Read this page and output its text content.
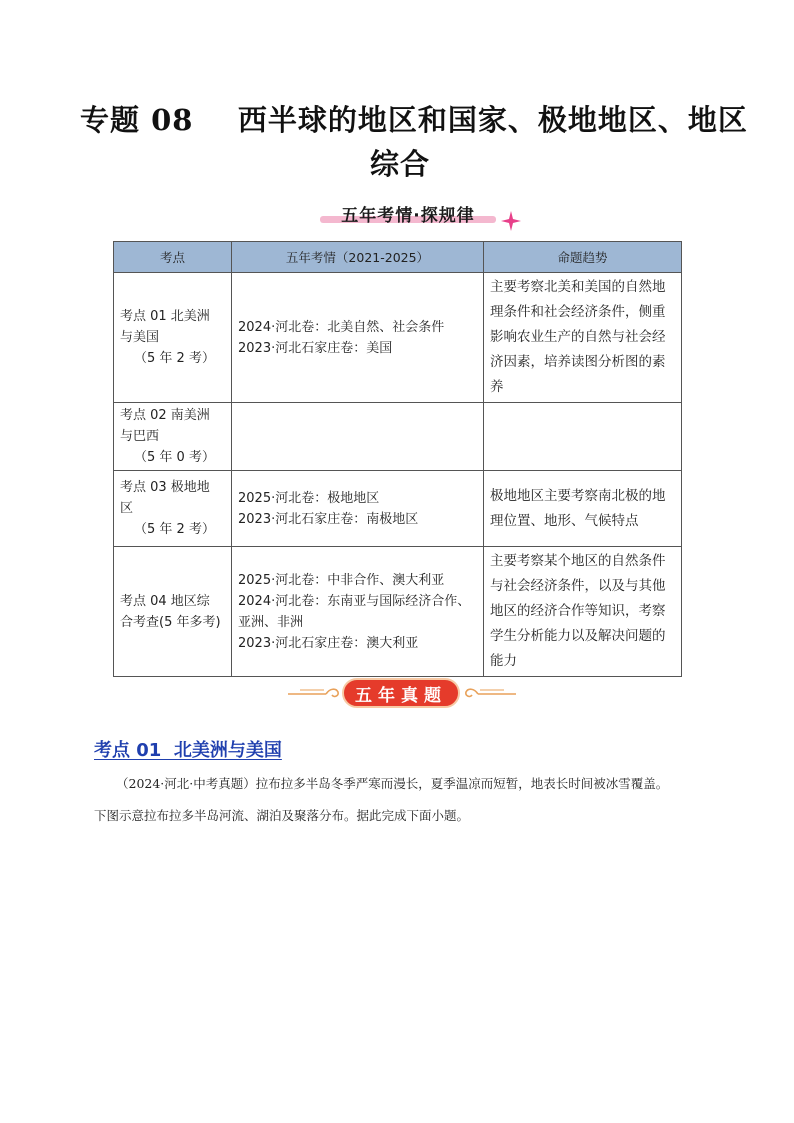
专题 08    西半球的地区和国家、极地地区、地区
综合
五年考情·探规律
考点	五年考情（2021-2025）	命题趋势

考点 01 北美洲
与美国
（5 年 2 考）	2024·河北卷：北美自然、社会条件
2023·河北石家庄卷：美国	主要考察北美和美国的自然地理条件和社会经济条件，侧重影响农业生产的自然与社会经济因素，培养读图分析图的素养

考点 02 南美洲
与巴西
（5 年 0 考）		

考点 03 极地地
区
（5 年 2 考）	2025·河北卷：极地地区
2023·河北石家庄卷：南极地区	极地地区主要考察南北极的地理位置、地形、气候特点

考点 04 地区综
合考查(5 年多考)	2025·河北卷：中非合作、澳大利亚
2024·河北卷：东南亚与国际经济合作、
亚洲、非洲
2023·河北石家庄卷：澳大利亚	主要考察某个地区的自然条件与社会经济条件，以及与其他地区的经济合作等知识，考察学生分析能力以及解决问题的能力
五年真题
考点 01  北美洲与美国
（2024·河北·中考真题）拉布拉多半岛冬季严寒而漫长，夏季温凉而短暂，地表长时间被冰雪覆盖。
下图示意拉布拉多半岛河流、湖泊及聚落分布。据此完成下面小题。
